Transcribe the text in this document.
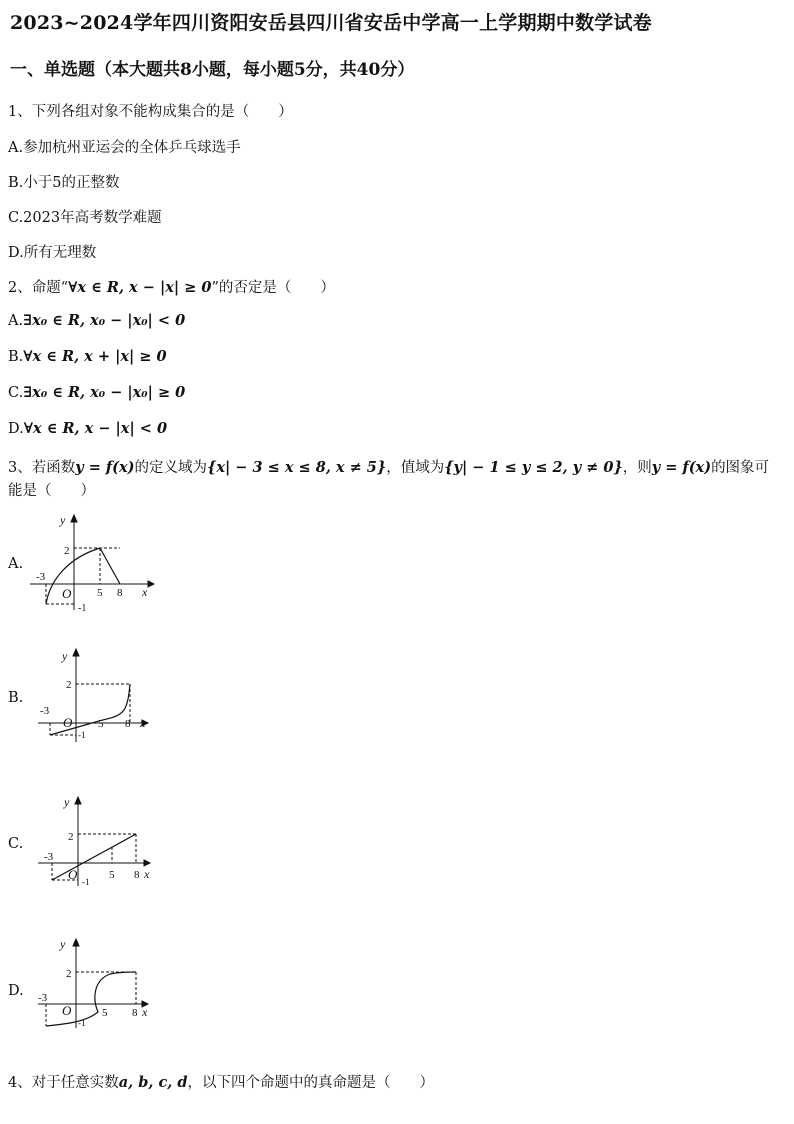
2023~2024学年四川资阳安岳县四川省安岳中学高一上学期期中数学试卷
一、单选题（本大题共8小题，每小题5分，共40分）
1、下列各组对象不能构成集合的是（　　）
A.参加杭州亚运会的全体乒乓球选手
B.小于5的正整数
C.2023年高考数学难题
D.所有无理数
2、命题“∀x ∈ R, x − |x| ≥ 0”的否定是（　　）
A.∃x₀ ∈ R, x₀ − |x₀| < 0
B.∀x ∈ R, x + |x| ≥ 0
C.∃x₀ ∈ R, x₀ − |x₀| ≥ 0
D.∀x ∈ R, x − |x| < 0
3、若函数y = f(x)的定义域为{x| − 3 ≤ x ≤ 8, x ≠ 5}，值域为{y| − 1 ≤ y ≤ 2, y ≠ 0}，则y = f(x)的图象可
能是（　　）
A.
y
x
O
-3
2
-1
5 8
B.
y
x
O
-3
2
-1
5 8
C.
y
x
O
-3
2
-1
5 8
D.
y
x
O
-3
2
-1
5 8
4、对于任意实数a, b, c, d，以下四个命题中的真命题是（　　）
